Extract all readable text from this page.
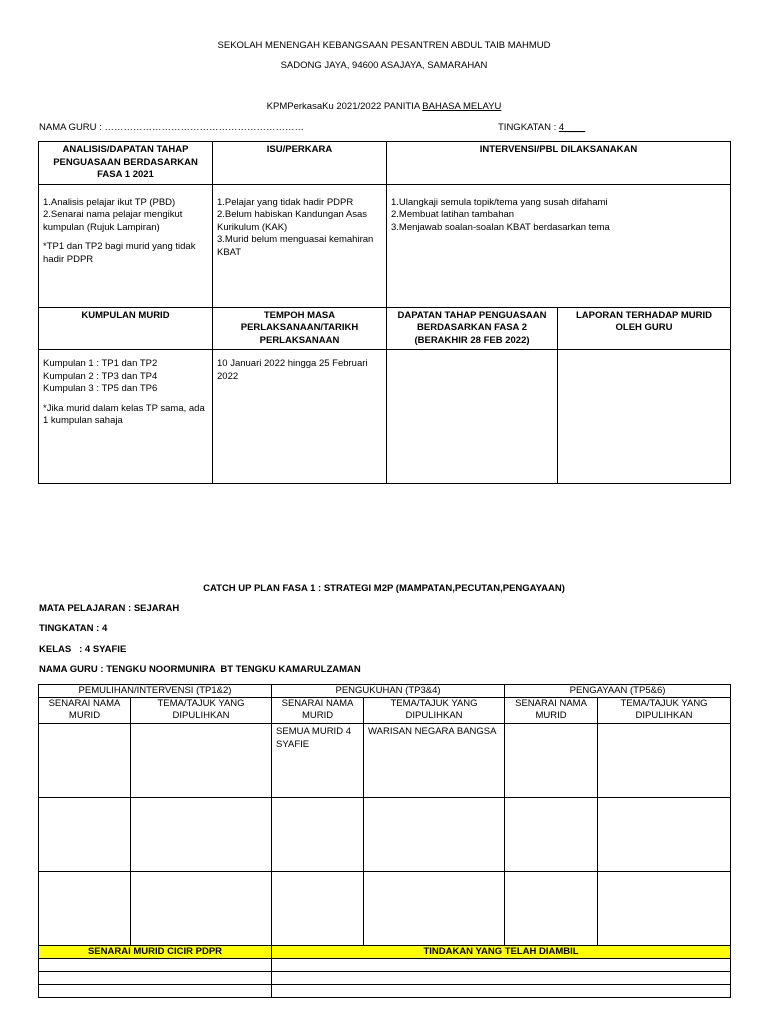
SEKOLAH MENENGAH KEBANGSAAN PESANTREN ABDUL TAIB MAHMUD
SADONG JAYA, 94600 ASAJAYA, SAMARAHAN
KPMPerkasaKu 2021/2022 PANITIA BAHASA MELAYU
NAMA GURU : ………………………………………………………	TINGKATAN : 4____
ANALISIS/DAPATAN TAHAP PENGUASAAN BERDASARKAN FASA 1 2021	ISU/PERKARA	INTERVENSI/PBL DILAKSANAKAN	

1.Analisis pelajar ikut TP (PBD)
2.Senarai nama pelajar mengikut kumpulan (Rujuk Lampiran)
*TP1 dan TP2 bagi murid yang tidak hadir PDPR	1.Pelajar yang tidak hadir PDPR
2.Belum habiskan Kandungan Asas Kurikulum (KAK)
3.Murid belum menguasai kemahiran KBAT	1.Ulangkaji semula topik/tema yang susah difahami
2.Membuat latihan tambahan
3.Menjawab soalan-soalan KBAT berdasarkan tema	

KUMPULAN MURID	TEMPOH MASA PERLAKSANAAN/TARIKH PERLAKSANAAN	DAPATAN TAHAP PENGUASAAN BERDASARKAN FASA 2 (BERAKHIR 28 FEB 2022)	LAPORAN TERHADAP MURID OLEH GURU

Kumpulan 1 : TP1 dan TP2
Kumpulan 2 : TP3 dan TP4
Kumpulan 3 : TP5 dan TP6
*Jika murid dalam kelas TP sama, ada 1 kumpulan sahaja	10 Januari 2022 hingga 25 Februari 2022		
CATCH UP PLAN FASA 1 : STRATEGI M2P (MAMPATAN,PECUTAN,PENGAYAAN)
MATA PELAJARAN : SEJARAH
TINGKATAN : 4
KELAS   : 4 SYAFIE
NAMA GURU : TENGKU NOORMUNIRA  BT TENGKU KAMARULZAMAN
PEMULIHAN/INTERVENSI (TP1&2)		PENGUKUHAN (TP3&4)		PENGAYAAN (TP5&6)	
SENARAI NAMA MURID	TEMA/TAJUK YANG DIPULIHKAN	SENARAI NAMA MURID	TEMA/TAJUK YANG DIPULIHKAN	SENARAI NAMA MURID	TEMA/TAJUK YANG DIPULIHKAN
		SEMUA MURID 4 SYAFIE	WARISAN NEGARA BANGSA		

SENARAI MURID CICIR PDPR		TINDAKAN YANG TELAH DIAMBIL			
